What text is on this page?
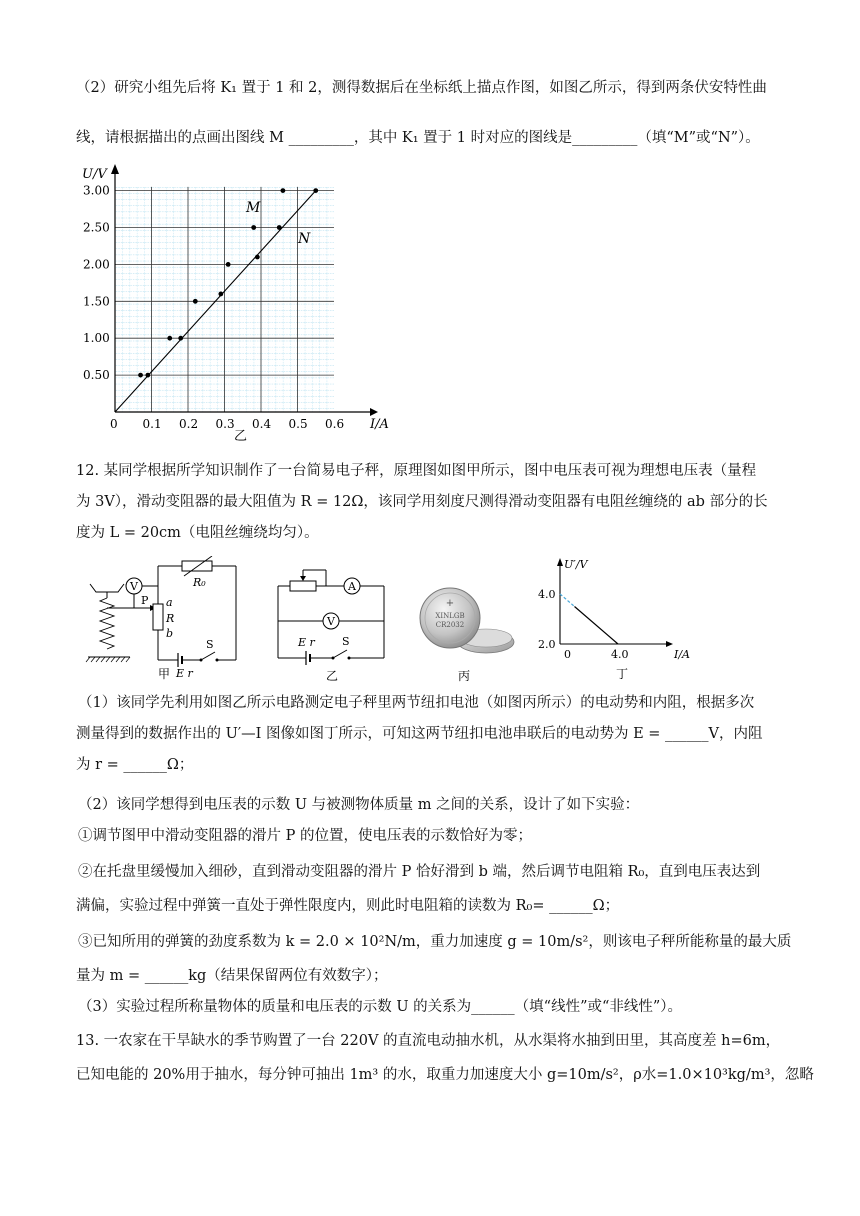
（2）研究小组先后将 K₁ 置于 1 和 2，测得数据后在坐标纸上描点作图，如图乙所示，得到两条伏安特性曲
线，请根据描出的点画出图线 M _________，其中 K₁ 置于 1 时对应的图线是_________（填“M”或“N”）。
U/V
I/A
0 0.1 0.2 0.3 0.4 0.5 0.6
0.50
1.00
1.50
2.00
2.50
3.00
M
N
乙
12. 某同学根据所学知识制作了一台简易电子秤，原理图如图甲所示，图中电压表可视为理想电压表（量程
为 3V），滑动变阻器的最大阻值为 R = 12Ω，该同学用刻度尺测得滑动变阻器有电阻丝缠绕的 ab 部分的长
度为 L = 20cm（电阻丝缠绕均匀）。
V	R₀
P a
R
b
E r
S
甲
A
V
E r S
乙
+
XINLGB
CR2032
丙
U′/V
I/A
4.0
2.0
0	4.0
丁
（1）该同学先利用如图乙所示电路测定电子秤里两节纽扣电池（如图丙所示）的电动势和内阻，根据多次
测量得到的数据作出的 U′—I 图像如图丁所示，可知这两节纽扣电池串联后的电动势为 E = ______V，内阻
为 r = ______Ω；
（2）该同学想得到电压表的示数 U 与被测物体质量 m 之间的关系，设计了如下实验：
①调节图甲中滑动变阻器的滑片 P 的位置，使电压表的示数恰好为零；
②在托盘里缓慢加入细砂，直到滑动变阻器的滑片 P 恰好滑到 b 端，然后调节电阻箱 R₀，直到电压表达到
满偏，实验过程中弹簧一直处于弹性限度内，则此时电阻箱的读数为 R₀= ______Ω；
③已知所用的弹簧的劲度系数为 k = 2.0 × 10²N/m，重力加速度 g = 10m/s²，则该电子秤所能称量的最大质
量为 m = ______kg（结果保留两位有效数字）；
（3）实验过程所称量物体的质量和电压表的示数 U 的关系为______（填“线性”或“非线性”）。
13. 一农家在干旱缺水的季节购置了一台 220V 的直流电动抽水机，从水渠将水抽到田里，其高度差 h=6m，
已知电能的 20%用于抽水，每分钟可抽出 1m³ 的水，取重力加速度大小 g=10m/s²，ρ水=1.0×10³kg/m³，忽略
